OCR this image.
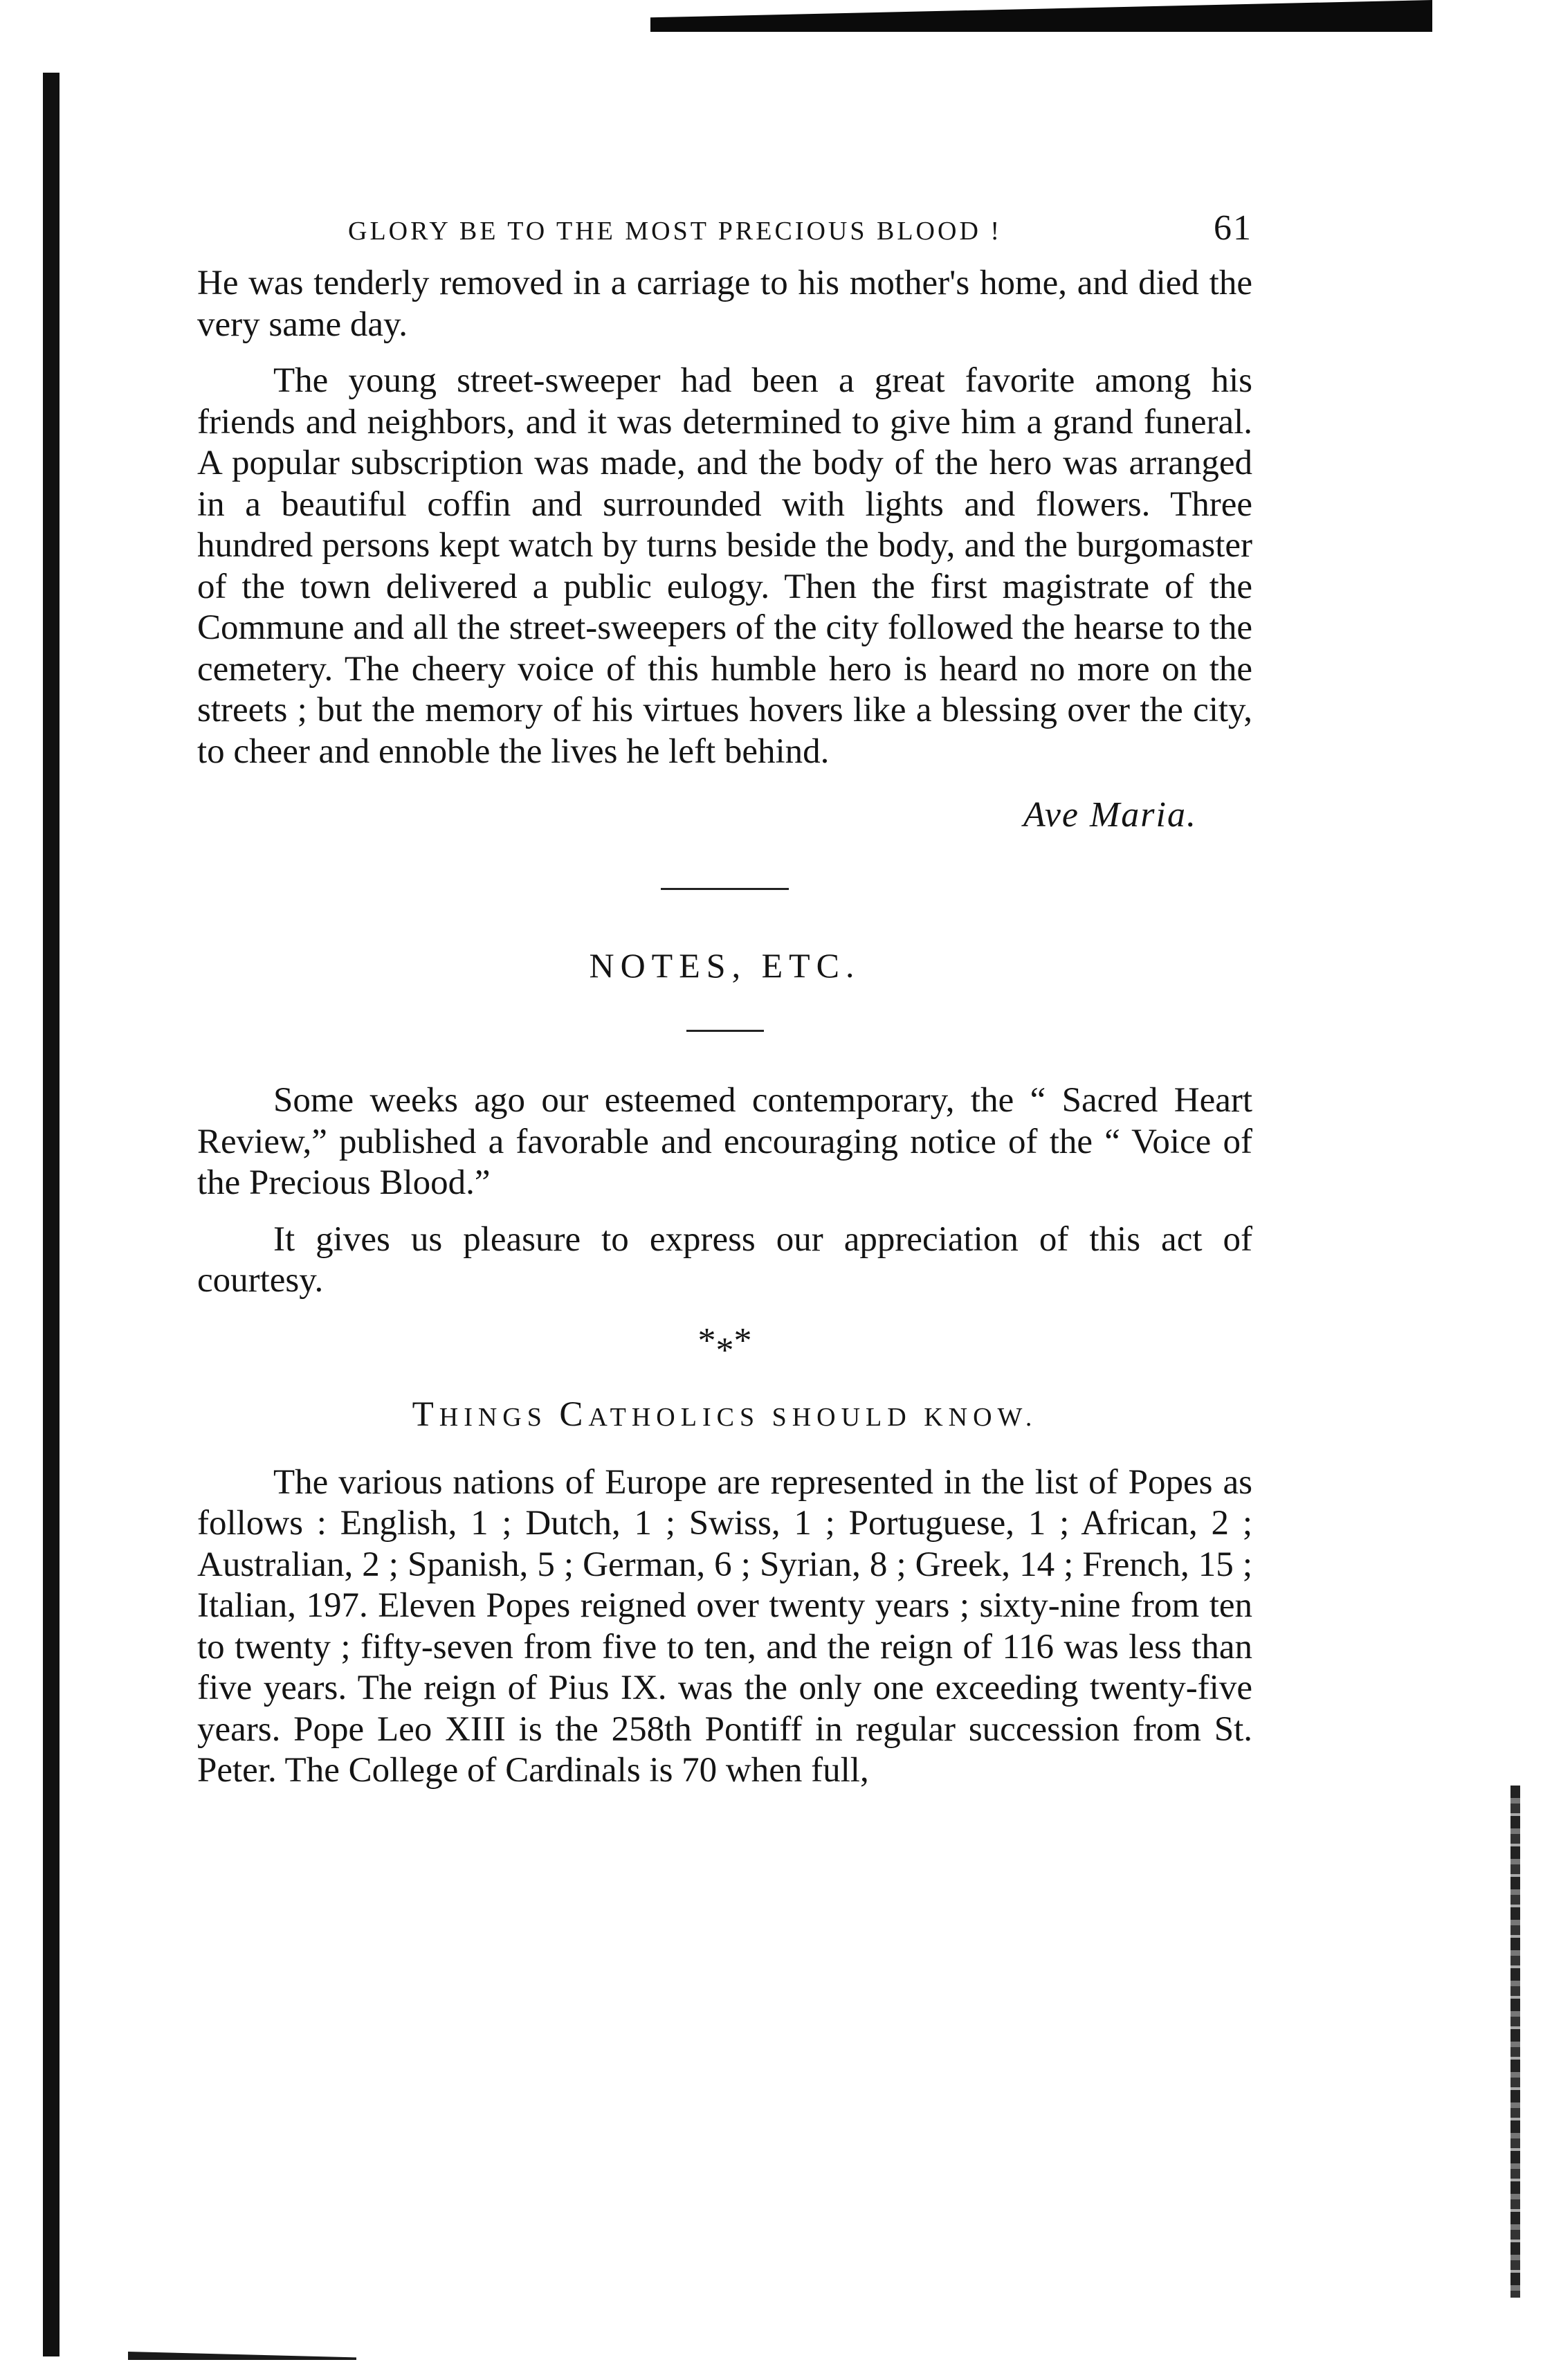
GLORY BE TO THE MOST PRECIOUS BLOOD !	61

He was tenderly removed in a carriage to his mother's home, and died the very same day.

The young street-sweeper had been a great favorite among his friends and neighbors, and it was determined to give him a grand funeral. A popular subscription was made, and the body of the hero was arranged in a beautiful coffin and surrounded with lights and flowers. Three hundred persons kept watch by turns beside the body, and the burgomaster of the town delivered a public eulogy. Then the first magistrate of the Commune and all the street-sweepers of the city followed the hearse to the cemetery. The cheery voice of this humble hero is heard no more on the streets ; but the memory of his virtues hovers like a blessing over the city, to cheer and ennoble the lives he left behind.

Ave Maria.
NOTES, ETC.

Some weeks ago our esteemed contemporary, the “ Sacred Heart Review,” published a favorable and encouraging notice of the “ Voice of the Precious Blood.”

It gives us pleasure to express our appreciation of this act of courtesy.

***
THINGS CATHOLICS SHOULD KNOW.

The various nations of Europe are represented in the list of Popes as follows : English, 1 ; Dutch, 1 ; Swiss, 1 ; Portuguese, 1 ; African, 2 ; Australian, 2 ; Spanish, 5 ; German, 6 ; Syrian, 8 ; Greek, 14 ; French, 15 ; Italian, 197. Eleven Popes reigned over twenty years ; sixty-nine from ten to twenty ; fifty-seven from five to ten, and the reign of 116 was less than five years. The reign of Pius IX. was the only one exceeding twenty-five years. Pope Leo XIII is the 258th Pontiff in regular succession from St. Peter. The College of Cardinals is 70 when full,
